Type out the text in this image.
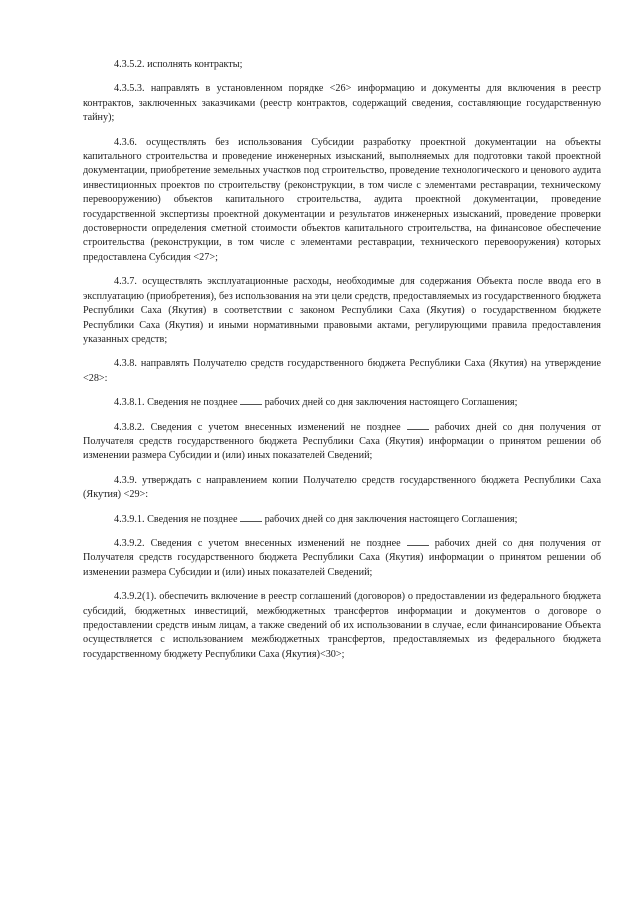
4.3.5.2. исполнять контракты;

4.3.5.3. направлять в установленном порядке <26> информацию и документы для включения в реестр контрактов, заключенных заказчиками (реестр контрактов, содержащий сведения, составляющие государственную тайну);

4.3.6. осуществлять без использования Субсидии разработку проектной документации на объекты капитального строительства и проведение инженерных изысканий, выполняемых для подготовки такой проектной документации, приобретение земельных участков под строительство, проведение технологического и ценового аудита инвестиционных проектов по строительству (реконструкции, в том числе с элементами реставрации, техническому перевооружению) объектов капитального строительства, аудита проектной документации, проведение государственной экспертизы проектной документации и результатов инженерных изысканий, проведение проверки достоверности определения сметной стоимости объектов капитального строительства, на финансовое обеспечение строительства (реконструкции, в том числе с элементами реставрации, технического перевооружения) которых предоставлена Субсидия <27>;

4.3.7. осуществлять эксплуатационные расходы, необходимые для содержания Объекта после ввода его в эксплуатацию (приобретения), без использования на эти цели средств, предоставляемых из государственного бюджета Республики Саха (Якутия) в соответствии с законом Республики Саха (Якутия) о государственном бюджете Республики Саха (Якутия) и иными нормативными правовыми актами, регулирующими правила предоставления указанных средств;

4.3.8. направлять Получателю средств государственного бюджета Республики Саха (Якутия) на утверждение <28>:

4.3.8.1. Сведения не позднее  рабочих дней со дня заключения настоящего Соглашения;

4.3.8.2. Сведения с учетом внесенных изменений не позднее  рабочих дней со дня получения от Получателя средств государственного бюджета Республики Саха (Якутия) информации о принятом решении об изменении размера Субсидии и (или) иных показателей Сведений;

4.3.9. утверждать с направлением копии Получателю средств государственного бюджета Республики Саха (Якутия) <29>:

4.3.9.1. Сведения не позднее  рабочих дней со дня заключения настоящего Соглашения;

4.3.9.2. Сведения с учетом внесенных изменений не позднее  рабочих дней со дня получения от Получателя средств государственного бюджета Республики Саха (Якутия) информации о принятом решении об изменении размера Субсидии и (или) иных показателей Сведений;

4.3.9.2(1). обеспечить включение в реестр соглашений (договоров) о предоставлении из федерального бюджета субсидий, бюджетных инвестиций, межбюджетных трансфертов информации и документов о договоре о предоставлении средств иным лицам, а также сведений об их использовании в случае, если финансирование Объекта осуществляется с использованием межбюджетных трансфертов, предоставляемых из федерального бюджета государственному бюджету Республики Саха (Якутия)<30>;
